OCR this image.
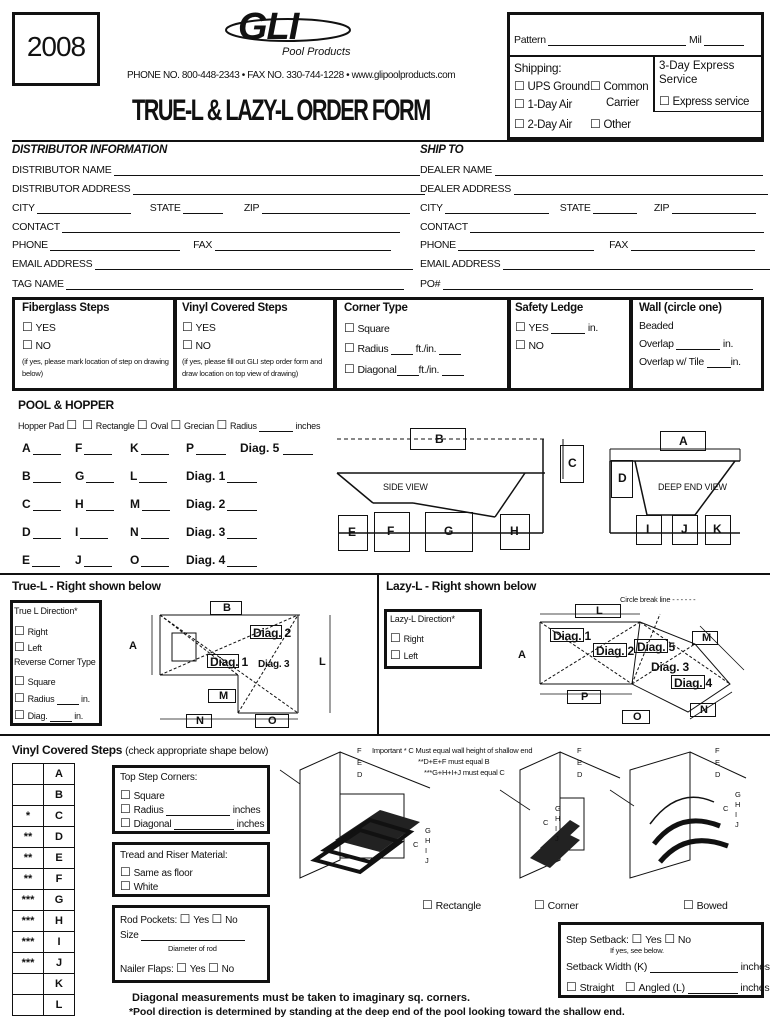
2008	GLI
Pool Products
PHONE NO. 800-448-2343 • FAX NO. 330-744-1228 • www.glipoolproducts.com
TRUE-L & LAZY-L ORDER FORM
Pattern	Mil
Shipping:
☐ UPS Ground	☐ Common
Carrier
☐ 1-Day Air
☐ 2-Day Air	☐ Other
3-Day Express Service
☐ Express service
DISTRIBUTOR INFORMATION
DISTRIBUTOR NAME
DISTRIBUTOR ADDRESS
CITY	STATE	ZIP
CONTACT
PHONE	FAX
EMAIL ADDRESS
TAG NAME
SHIP TO
DEALER NAME
DEALER ADDRESS
CITY	STATE	ZIP
CONTACT
PHONE	FAX
EMAIL ADDRESS
PO#
Fiberglass Steps
☐ YES
☐ NO
(if yes, please mark location of step on drawing below)
Vinyl Covered Steps
☐ YES
☐ NO
(if yes, please fill out GLI step order form and draw location on top view of drawing)
Corner Type
☐ Square
☐ Radius	ft./in.
☐ Diagonal ft./in.
Safety Ledge
☐ YES	in.
☐ NO
Wall (circle one)
Beaded
Overlap	in.
Overlap w/ Tile	in.
POOL & HOPPER
Hopper Pad ☐	☐ Rectangle ☐ Oval ☐ Grecian ☐ Radius	inches
A
B
C
D
E
F
G
H
I
J
K
L
M
N
O
P
Diag. 1
Diag. 2
Diag. 3
Diag. 4
Diag. 5
B
C
SIDE VIEW
E	F	G	H
A
D
DEEP END VIEW
I	J K
True-L - Right shown below
True L Direction*
☐ Right
☐ Left
Reverse Corner Type
☐ Square
☐ Radius	in.
☐ Diag.	in.
A
B
Diag. 2
Diag. 1 Diag. 3	L
M
N	O
Lazy-L - Right shown below
Lazy-L Direction*
☐ Right
☐ Left
Circle break line - - - - - -
L
Diag. 1
Diag. 2 Diag. 5
M
A
Diag. 3
Diag. 4
P
O
N
Vinyl Covered Steps (check appropriate shape below)
	A
	B
*	C
**	D
**	E
**	F
***	G
***	H
***	I
***	J
	K
	L
Top Step Corners:
☐ Square
☐ Radius	inches
☐ Diagonal	inches
Tread and Riser Material:
☐ Same as floor
☐ White
Rod Pockets: ☐ Yes ☐ No
Size
Diameter of rod
Nailer Flaps: ☐ Yes ☐ No
Important * C Must equal wall height of shallow end
**D+E+F must equal B
***G+H+I+J must equal C
F
E
D
F
E
D
F
E
D
G
H
I
J
C
G
H
I
J
C
G
H
I
J
C
☐ Rectangle	☐ Corner	☐ Bowed
Step Setback: ☐ Yes ☐ No
If yes, see below.
Setback Width (K)	inches
☐ Straight ☐ Angled (L)	inches
Diagonal measurements must be taken to imaginary sq. corners.
*Pool direction is determined by standing at the deep end of the pool looking toward the shallow end.
